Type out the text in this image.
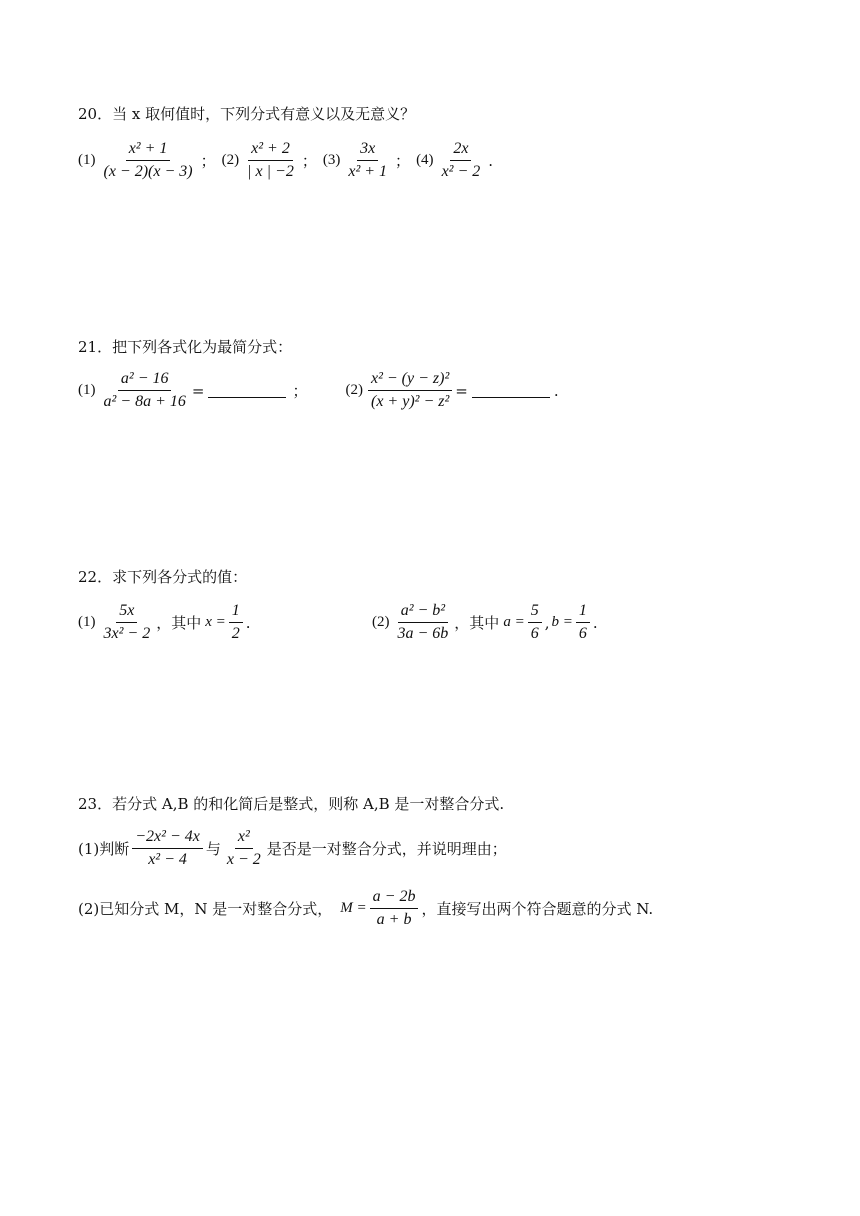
20．当 x 取何值时，下列分式有意义以及无意义？
$(1) \frac{\text{x² + 1}}{(x - 2)(x - 3)}$ ； $(2) \frac{\text{x² + 2}}{| x | -2}$ ； $(3) \frac{3x}{\text{x² + 1}}$ ； $(4) \frac{2x}{\text{x² − 2}}$ .
21．把下列各式化为最简分式：
$(1) \frac{\text{a² − 16}}{\text{a² − 8a + 16}}$ =	；	$(2) \frac{\text{x² − (y − z)²}}{\text{(x + y)² − z²}}$ =	.
22．求下列各分式的值：
$(1) \frac{5x}{\text{3x² − 2}}$ ，其中 $x = \frac{1}{2}$ .	$(2) \frac{\text{a² − b²}}{3a - 6b}$ ，其中 $a = \frac{5}{6}$ , $b = \frac{1}{6}$ .
23．若分式 A,B 的和化简后是整式，则称 A,B 是一对整合分式.
(1)判断 $\frac{\text{−2x² − 4x}}{\text{x² − 4}}$ 与 $\frac{\text{x²}}{x - 2}$ 是否是一对整合分式，并说明理由；
(2)已知分式 M，N 是一对整合分式， $M = \frac{a - 2b}{a + b}$ ，直接写出两个符合题意的分式 N.
